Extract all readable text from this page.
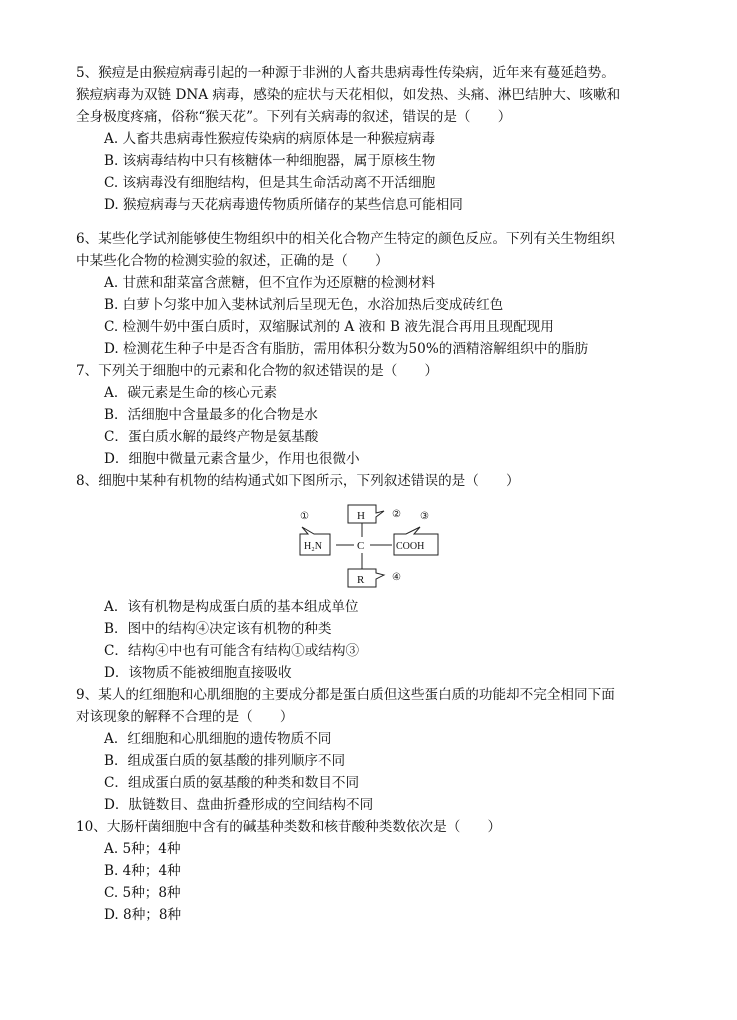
5、猴痘是由猴痘病毒引起的一种源于非洲的人畜共患病毒性传染病，近年来有蔓延趋势。

猴痘病毒为双链 DNA 病毒，感染的症状与天花相似，如发热、头痛、淋巴结肿大、咳嗽和

全身极度疼痛，俗称“猴天花”。下列有关病毒的叙述，错误的是（　　）

A. 人畜共患病毒性猴痘传染病的病原体是一种猴痘病毒
B. 该病毒结构中只有核糖体一种细胞器，属于原核生物
C. 该病毒没有细胞结构，但是其生命活动离不开活细胞
D. 猴痘病毒与天花病毒遗传物质所储存的某些信息可能相同

6、某些化学试剂能够使生物组织中的相关化合物产生特定的颜色反应。下列有关生物组织

中某些化合物的检测实验的叙述，正确的是（　　）

A. 甘蔗和甜菜富含蔗糖，但不宜作为还原糖的检测材料
B. 白萝卜匀浆中加入斐林试剂后呈现无色，水浴加热后变成砖红色
C. 检测牛奶中蛋白质时，双缩脲试剂的 A 液和 B 液先混合再用且现配现用
D. 检测花生种子中是否含有脂肪，需用体积分数为50%的酒精溶解组织中的脂肪

7、下列关于细胞中的元素和化合物的叙述错误的是（　　）

A．碳元素是生命的核心元素
B．活细胞中含量最多的化合物是水
C．蛋白质水解的最终产物是氨基酸
D．细胞中微量元素含量少，作用也很微小

8、细胞中某种有机物的结构通式如下图所示，下列叙述错误的是（　　）

H
H₂N	C	COOH
R
①	② ③
④
A．该有机物是构成蛋白质的基本组成单位
B．图中的结构④决定该有机物的种类
C．结构④中也有可能含有结构①或结构③
D．该物质不能被细胞直接吸收

9、某人的红细胞和心肌细胞的主要成分都是蛋白质但这些蛋白质的功能却不完全相同下面

对该现象的解释不合理的是（　　）

A．红细胞和心肌细胞的遗传物质不同
B．组成蛋白质的氨基酸的排列顺序不同
C．组成蛋白质的氨基酸的种类和数目不同
D．肽链数目、盘曲折叠形成的空间结构不同

10、大肠杆菌细胞中含有的碱基种类数和核苷酸种类数依次是（　　）

A. 5种；4种
B. 4种；4种
C. 5种；8种
D. 8种；8种
